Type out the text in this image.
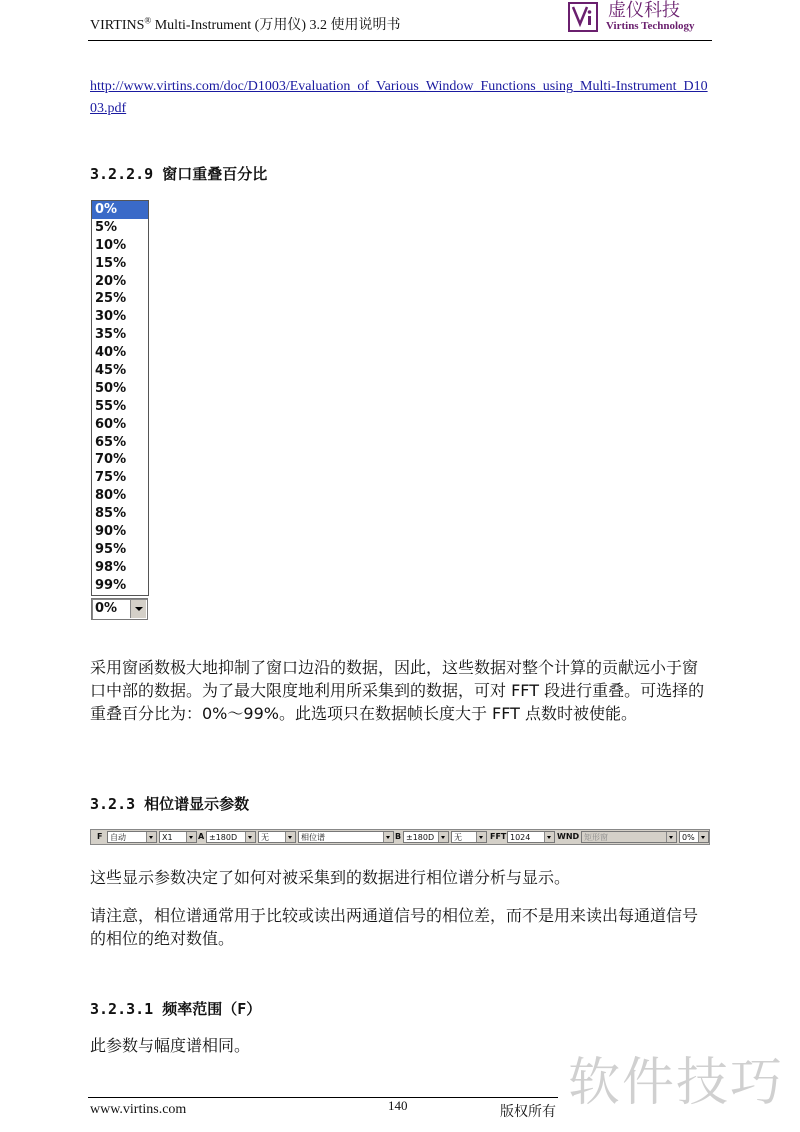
VIRTINS® Multi-Instrument (万用仪) 3.2 使用说明书
虚仪科技
Virtins Technology
http://www.virtins.com/doc/D1003/Evaluation_of_Various_Window_Functions_using_Multi-Instrument_D1003.pdf
3.2.2.9 窗口重叠百分比
0%
5%
10%
15%
20%
25%
30%
35%
40%
45%
50%
55%
60%
65%
70%
75%
80%
85%
90%
95%
98%
99%
0%
采用窗函数极大地抑制了窗口边沿的数据，因此，这些数据对整个计算的贡献远小于窗口中部的数据。为了最大限度地利用所采集到的数据，可对 FFT 段进行重叠。可选择的重叠百分比为：0%～99%。此选项只在数据帧长度大于 FFT 点数时被使能。
3.2.3 相位谱显示参数
F 自动	X1	A ±180D	无	相位谱	B ±180D 无	FFT 1024	WND 矩形窗	0%
这些显示参数决定了如何对被采集到的数据进行相位谱分析与显示。
请注意，相位谱通常用于比较或读出两通道信号的相位差，而不是用来读出每通道信号的相位的绝对数值。
3.2.3.1 频率范围（F）
此参数与幅度谱相同。
软件技巧
www.virtins.com	140	版权所有
